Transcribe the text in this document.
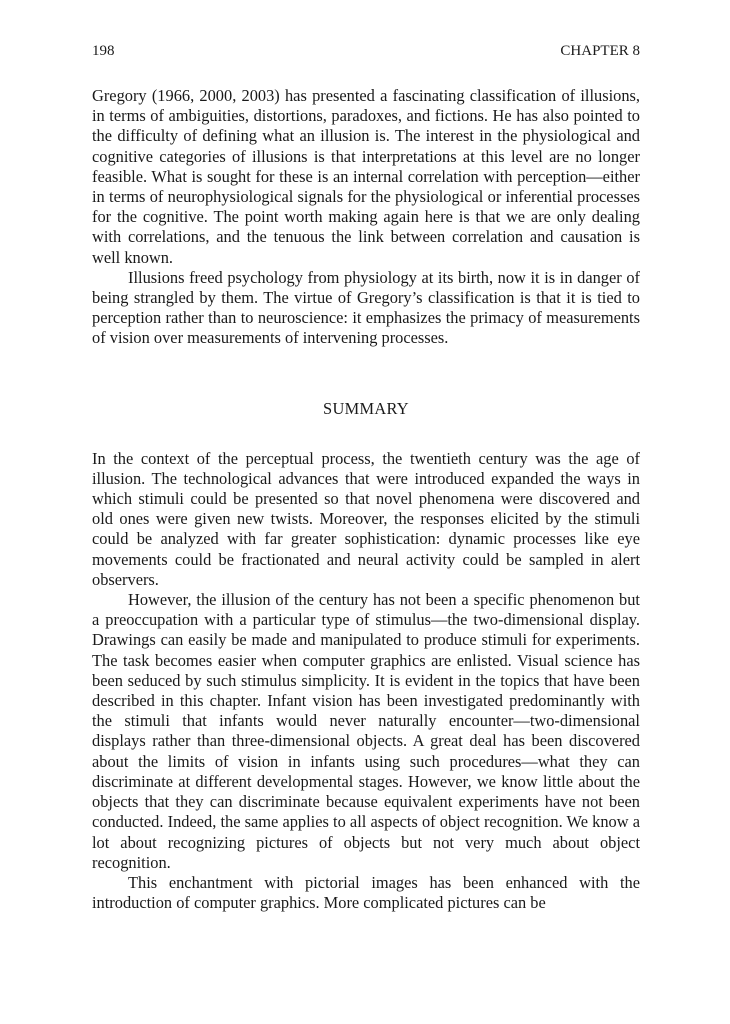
198	CHAPTER 8

Gregory (1966, 2000, 2003) has presented a fascinating classification of illusions, in terms of ambiguities, distortions, paradoxes, and fictions. He has also pointed to the difficulty of defining what an illusion is. The interest in the physiological and cognitive categories of illusions is that interpretations at this level are no longer feasible. What is sought for these is an internal correlation with perception—either in terms of neurophysiological signals for the physiological or inferential processes for the cognitive. The point worth making again here is that we are only dealing with correlations, and the tenuous the link between correlation and causation is well known.

Illusions freed psychology from physiology at its birth, now it is in danger of being strangled by them. The virtue of Gregory’s classification is that it is tied to perception rather than to neuroscience: it emphasizes the primacy of measurements of vision over measurements of intervening processes.

SUMMARY

In the context of the perceptual process, the twentieth century was the age of illusion. The technological advances that were introduced expanded the ways in which stimuli could be presented so that novel phenomena were discovered and old ones were given new twists. Moreover, the responses elicited by the stimuli could be analyzed with far greater sophistication: dynamic processes like eye movements could be fractionated and neural activity could be sampled in alert observers.

However, the illusion of the century has not been a specific phenomenon but a preoccupation with a particular type of stimulus—the two-dimensional display. Drawings can easily be made and manipulated to produce stimuli for experiments. The task becomes easier when computer graphics are enlisted. Visual science has been seduced by such stimulus simplicity. It is evident in the topics that have been described in this chapter. Infant vision has been investigated predominantly with the stimuli that infants would never naturally encounter—two-dimensional displays rather than three-dimensional objects. A great deal has been discovered about the limits of vision in infants using such procedures—what they can discriminate at different developmental stages. However, we know little about the objects that they can discriminate because equivalent experiments have not been conducted. Indeed, the same applies to all aspects of object recognition. We know a lot about recognizing pictures of objects but not very much about object recognition.

This enchantment with pictorial images has been enhanced with the introduction of computer graphics. More complicated pictures can be
